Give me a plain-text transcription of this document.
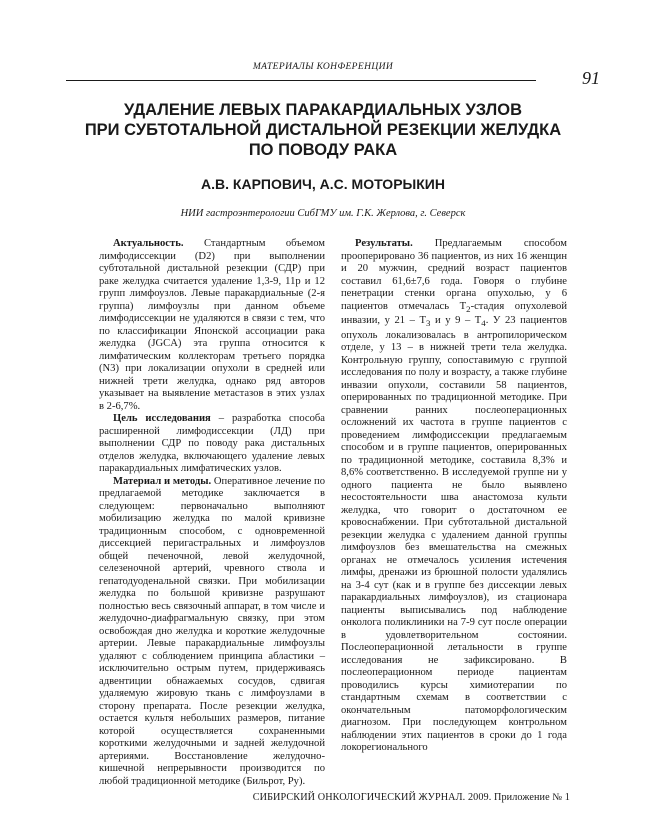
МАТЕРИАЛЫ КОНФЕРЕНЦИИ
91
УДАЛЕНИЕ ЛЕВЫХ ПАРАКАРДИАЛЬНЫХ УЗЛОВ
ПРИ СУБТОТАЛЬНОЙ ДИСТАЛЬНОЙ РЕЗЕКЦИИ ЖЕЛУДКА
ПО ПОВОДУ РАКА
А.В. КАРПОВИЧ, А.С. МОТОРЫКИН
НИИ гастроэнтерологии СибГМУ им. Г.К. Жерлова, г. Северск

Актуальность. Стандартным объемом лимфодиссекции (D2) при выполнении субтотальной дистальной резекции (СДР) при раке желудка считается удаление 1,3-9, 11p и 12 групп лимфоузлов. Левые паракардиальные (2-я группа) лимфоузлы при данном объеме лимфодиссекции не удаляются в связи с тем, что по классификации Японской ассоциации рака желудка (JGCA) эта группа относится к лимфатическим коллекторам третьего порядка (N3) при локализации опухоли в средней или нижней трети желудка, однако ряд авторов указывает на выявление метастазов в этих узлах в 2-6,7%.

Цель исследования – разработка способа расширенной лимфодиссекции (ЛД) при выполнении СДР по поводу рака дистальных отделов желудка, включающего удаление левых паракардиальных лимфатических узлов.

Материал и методы. Оперативное лечение по предлагаемой методике заключается в следующем: первоначально выполняют мобилизацию желудка по малой кривизне традиционным способом, с одновременной диссекцией перигастральных и лимфоузлов общей печеночной, левой желудочной, селезеночной артерий, чревного ствола и гепатодуоденальной связки. При мобилизации желудка по большой кривизне разрушают полностью весь связочный аппарат, в том числе и желудочно-диафрагмальную связку, при этом освобождая дно желудка и короткие желудочные артерии. Левые паракардиальные лимфоузлы удаляют с соблюдением принципа абластики – исключительно острым путем, придерживаясь адвентиции обнажаемых сосудов, сдвигая удаляемую жировую ткань с лимфоузлами в сторону препарата. После резекции желудка, остается культя небольших размеров, питание которой осуществляется сохраненными короткими желудочными и задней желудочной артериями. Восстановление желудочно-кишечной непрерывности производится по любой традиционной методике (Бильрот, Ру).

Результаты. Предлагаемым способом прооперировано 36 пациентов, из них 16 женщин и 20 мужчин, средний возраст пациентов составил 61,6±7,6 года. Говоря о глубине пенетрации стенки органа опухолью, у 6 пациентов отмечалась $T_2$-стадия опухолевой инвазии, у $21 - T_3$ и у $9 - T_4$. У 23 пациентов опухоль локализовалась в антропилорическом отделе, у 13 – в нижней трети тела желудка. Контрольную группу, сопоставимую с группой исследования по полу и возрасту, а также глубине инвазии опухоли, составили 58 пациентов, оперированных по традиционной методике. При сравнении ранних послеоперационных осложнений их частота в группе пациентов с проведением лимфодиссекции предлагаемым способом и в группе пациентов, оперированных по традиционной методике, составила 8,3% и 8,6% соответственно. В исследуемой группе ни у одного пациента не было выявлено несостоятельности шва анастомоза культи желудка, что говорит о достаточном ее кровоснабжении. При субтотальной дистальной резекции желудка с удалением данной группы лимфоузлов без вмешательства на смежных органах не отмечалось усиления истечения лимфы, дренажи из брюшной полости удалялись на 3-4 сут (как и в группе без диссекции левых паракардиальных лимфоузлов), из стационара пациенты выписывались под наблюдение онколога поликлиники на 7-9 сут после операции в удовлетворительном состоянии. Послеоперационной летальности в группе исследования не зафиксировано. В послеоперационном периоде пациентам проводились курсы химиотерапии по стандартным схемам в соответствии с окончательным патоморфологическим диагнозом. При последующем контрольном наблюдении этих пациентов в сроки до 1 года локорегионального

СИБИРСКИЙ ОНКОЛОГИЧЕСКИЙ ЖУРНАЛ. 2009. Приложение № 1
